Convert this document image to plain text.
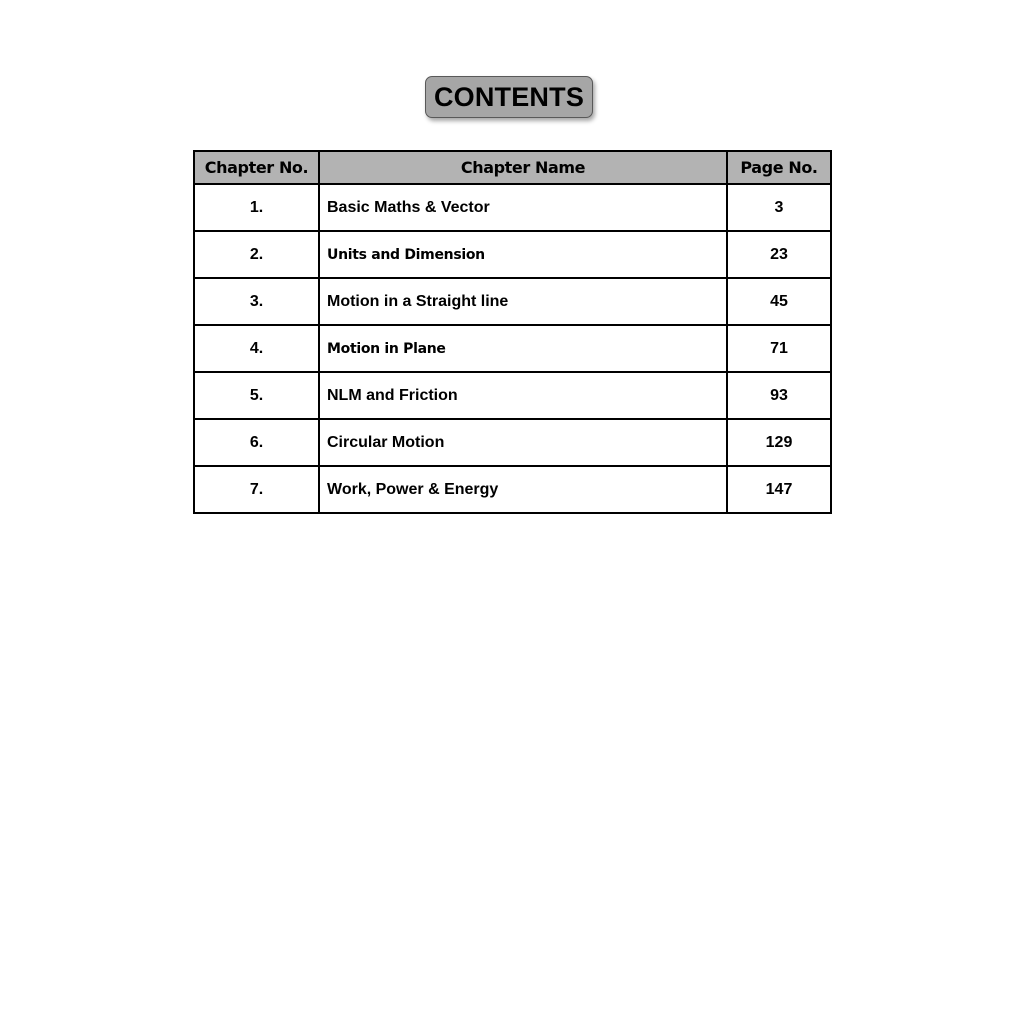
CONTENTS
Chapter No.	Chapter Name	Page No.
1.	Basic Maths & Vector	3
2.	Units and Dimension	23
3.	Motion in a Straight line	45
4.	Motion in Plane	71
5.	NLM and Friction	93
6.	Circular Motion	129
7.	Work, Power & Energy	147
